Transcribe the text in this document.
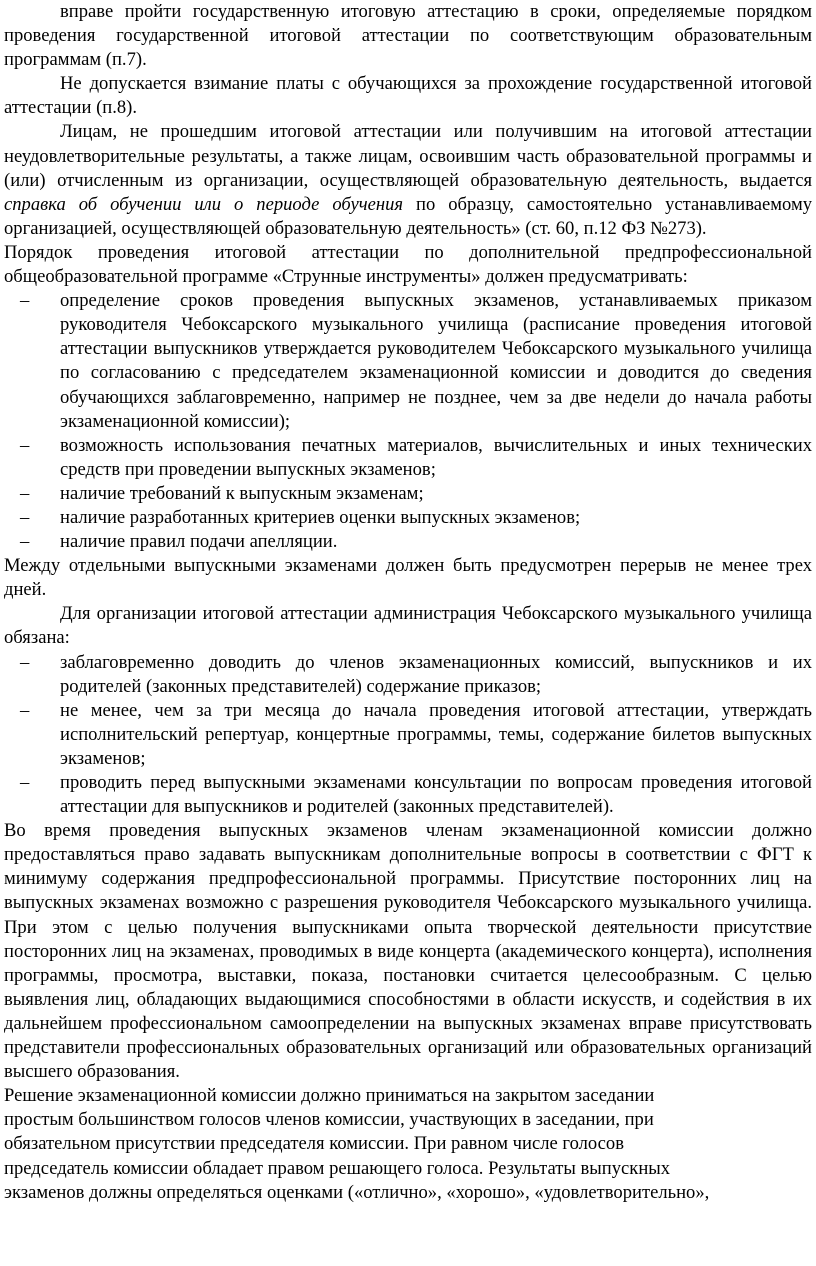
вправе пройти государственную итоговую аттестацию в сроки, определяемые порядком проведения государственной итоговой аттестации по соответствующим образовательным программам (п.7).

Не допускается взимание платы с обучающихся за прохождение государственной итоговой аттестации (п.8).

Лицам, не прошедшим итоговой аттестации или получившим на итоговой аттестации неудовлетворительные результаты, а также лицам, освоившим часть образовательной программы и (или) отчисленным из организации, осуществляющей образовательную деятельность, выдается справка об обучении или о периоде обучения по образцу, самостоятельно устанавливаемому организацией, осуществляющей образовательную деятельность» (ст. 60, п.12 ФЗ №273).

Порядок проведения итоговой аттестации по дополнительной предпрофессиональной общеобразовательной программе «Струнные инструменты» должен предусматривать:

– определение сроков проведения выпускных экзаменов, устанавливаемых приказом руководителя Чебоксарского музыкального училища (расписание проведения итоговой аттестации выпускников утверждается руководителем Чебоксарского музыкального училища по согласованию с председателем экзаменационной комиссии и доводится до сведения обучающихся заблаговременно, например не позднее, чем за две недели до начала работы экзаменационной комиссии);
– возможность использования печатных материалов, вычислительных и иных технических средств при проведении выпускных экзаменов;
– наличие требований к выпускным экзаменам;
– наличие разработанных критериев оценки выпускных экзаменов;
– наличие правил подачи апелляции.

Между отдельными выпускными экзаменами должен быть предусмотрен перерыв не менее трех дней.

Для организации итоговой аттестации администрация Чебоксарского музыкального училища обязана:

– заблаговременно доводить до членов экзаменационных комиссий, выпускников и их родителей (законных представителей) содержание приказов;
– не менее, чем за три месяца до начала проведения итоговой аттестации, утверждать исполнительский репертуар, концертные программы, темы, содержание билетов выпускных экзаменов;
– проводить перед выпускными экзаменами консультации по вопросам проведения итоговой аттестации для выпускников и родителей (законных представителей).

Во время проведения выпускных экзаменов членам экзаменационной комиссии должно предоставляться право задавать выпускникам дополнительные вопросы в соответствии с ФГТ к минимуму содержания предпрофессиональной программы. Присутствие посторонних лиц на выпускных экзаменах возможно с разрешения руководителя Чебоксарского музыкального училища. При этом с целью получения выпускниками опыта творческой деятельности присутствие посторонних лиц на экзаменах, проводимых в виде концерта (академического концерта), исполнения программы, просмотра, выставки, показа, постановки считается целесообразным. С целью выявления лиц, обладающих выдающимися способностями в области искусств, и содействия в их дальнейшем профессиональном самоопределении на выпускных экзаменах вправе присутствовать представители профессиональных образовательных организаций или образовательных организаций высшего образования.

Решение экзаменационной комиссии должно приниматься на закрытом заседании
простым большинством голосов членов комиссии, участвующих в заседании, при
обязательном присутствии председателя комиссии. При равном числе голосов
председатель комиссии обладает правом решающего голоса. Результаты выпускных
экзаменов должны определяться оценками («отлично», «хорошо», «удовлетворительно»,
